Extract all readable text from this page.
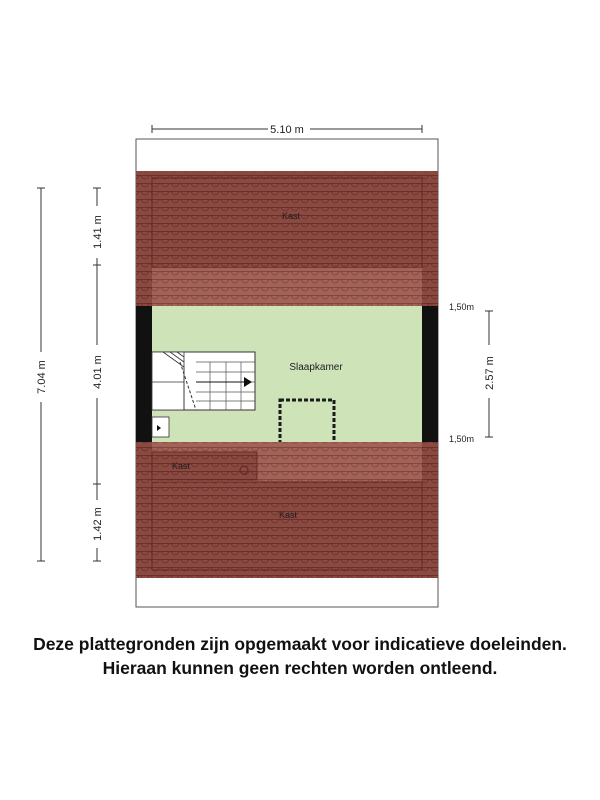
Kast
Slaapkamer
Kast
Kast
5.10 m
7.04 m
1.41 m
4.01 m
1.42 m
2.57 m
1,50m
1,50m
Deze plattegronden zijn opgemaakt voor indicatieve doeleinden.
Hieraan kunnen geen rechten worden ontleend.
